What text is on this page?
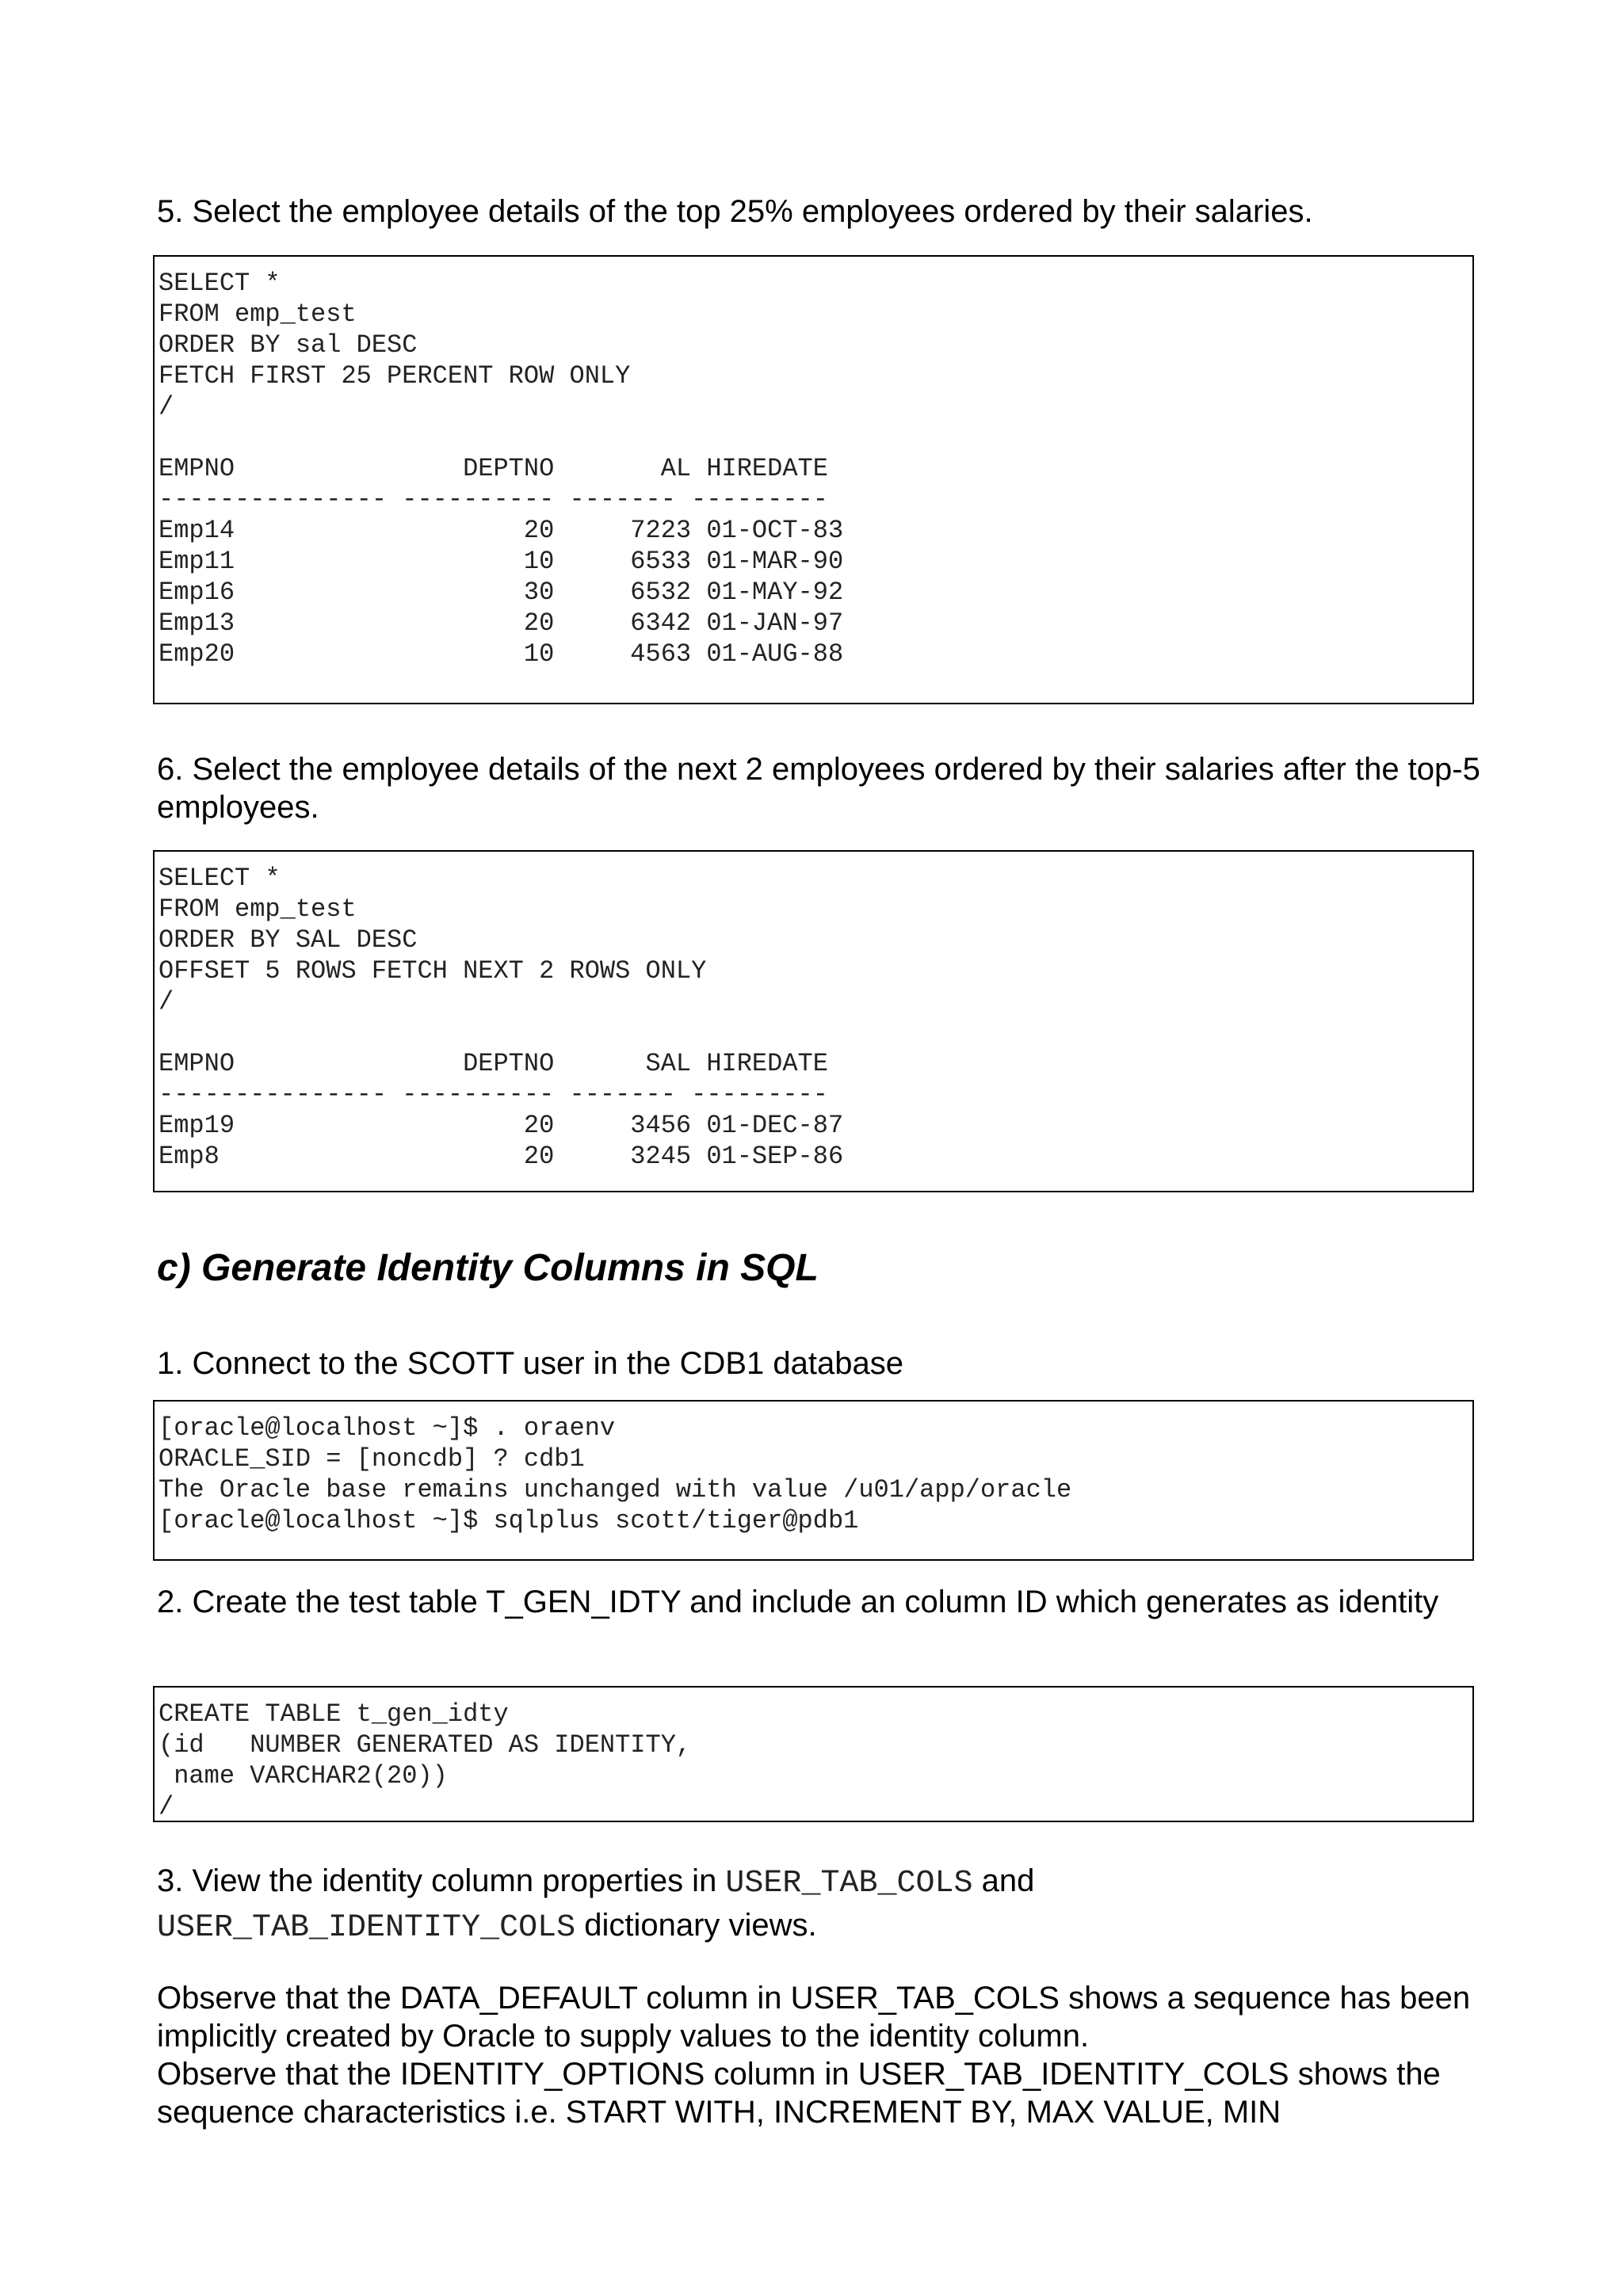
5. Select the employee details of the top 25% employees ordered by their salaries.

SELECT *
FROM emp_test
ORDER BY sal DESC
FETCH FIRST 25 PERCENT ROW ONLY
/

EMPNO               DEPTNO       AL HIREDATE
--------------- ---------- ------- ---------
Emp14                   20     7223 01-OCT-83
Emp11                   10     6533 01-MAR-90
Emp16                   30     6532 01-MAY-92
Emp13                   20     6342 01-JAN-97
Emp20                   10     4563 01-AUG-88

6. Select the employee details of the next 2 employees ordered by their salaries after the top-5 employees.

SELECT *
FROM emp_test
ORDER BY SAL DESC
OFFSET 5 ROWS FETCH NEXT 2 ROWS ONLY
/

EMPNO               DEPTNO      SAL HIREDATE
--------------- ---------- ------- ---------
Emp19                   20     3456 01-DEC-87
Emp8                    20     3245 01-SEP-86
c) Generate Identity Columns in SQL

1. Connect to the SCOTT user in the CDB1 database

[oracle@localhost ~]$ . oraenv
ORACLE_SID = [noncdb] ? cdb1
The Oracle base remains unchanged with value /u01/app/oracle
[oracle@localhost ~]$ sqlplus scott/tiger@pdb1

2. Create the test table T_GEN_IDTY and include an column ID which generates as identity

CREATE TABLE t_gen_idty
(id   NUMBER GENERATED AS IDENTITY,
name VARCHAR2(20))
/

3. View the identity column properties in USER_TAB_COLS and USER_TAB_IDENTITY_COLS dictionary views.

Observe that the DATA_DEFAULT column in USER_TAB_COLS shows a sequence has been implicitly created by Oracle to supply values to the identity column.

Observe that the IDENTITY_OPTIONS column in USER_TAB_IDENTITY_COLS shows the sequence characteristics i.e. START WITH, INCREMENT BY, MAX VALUE, MIN
